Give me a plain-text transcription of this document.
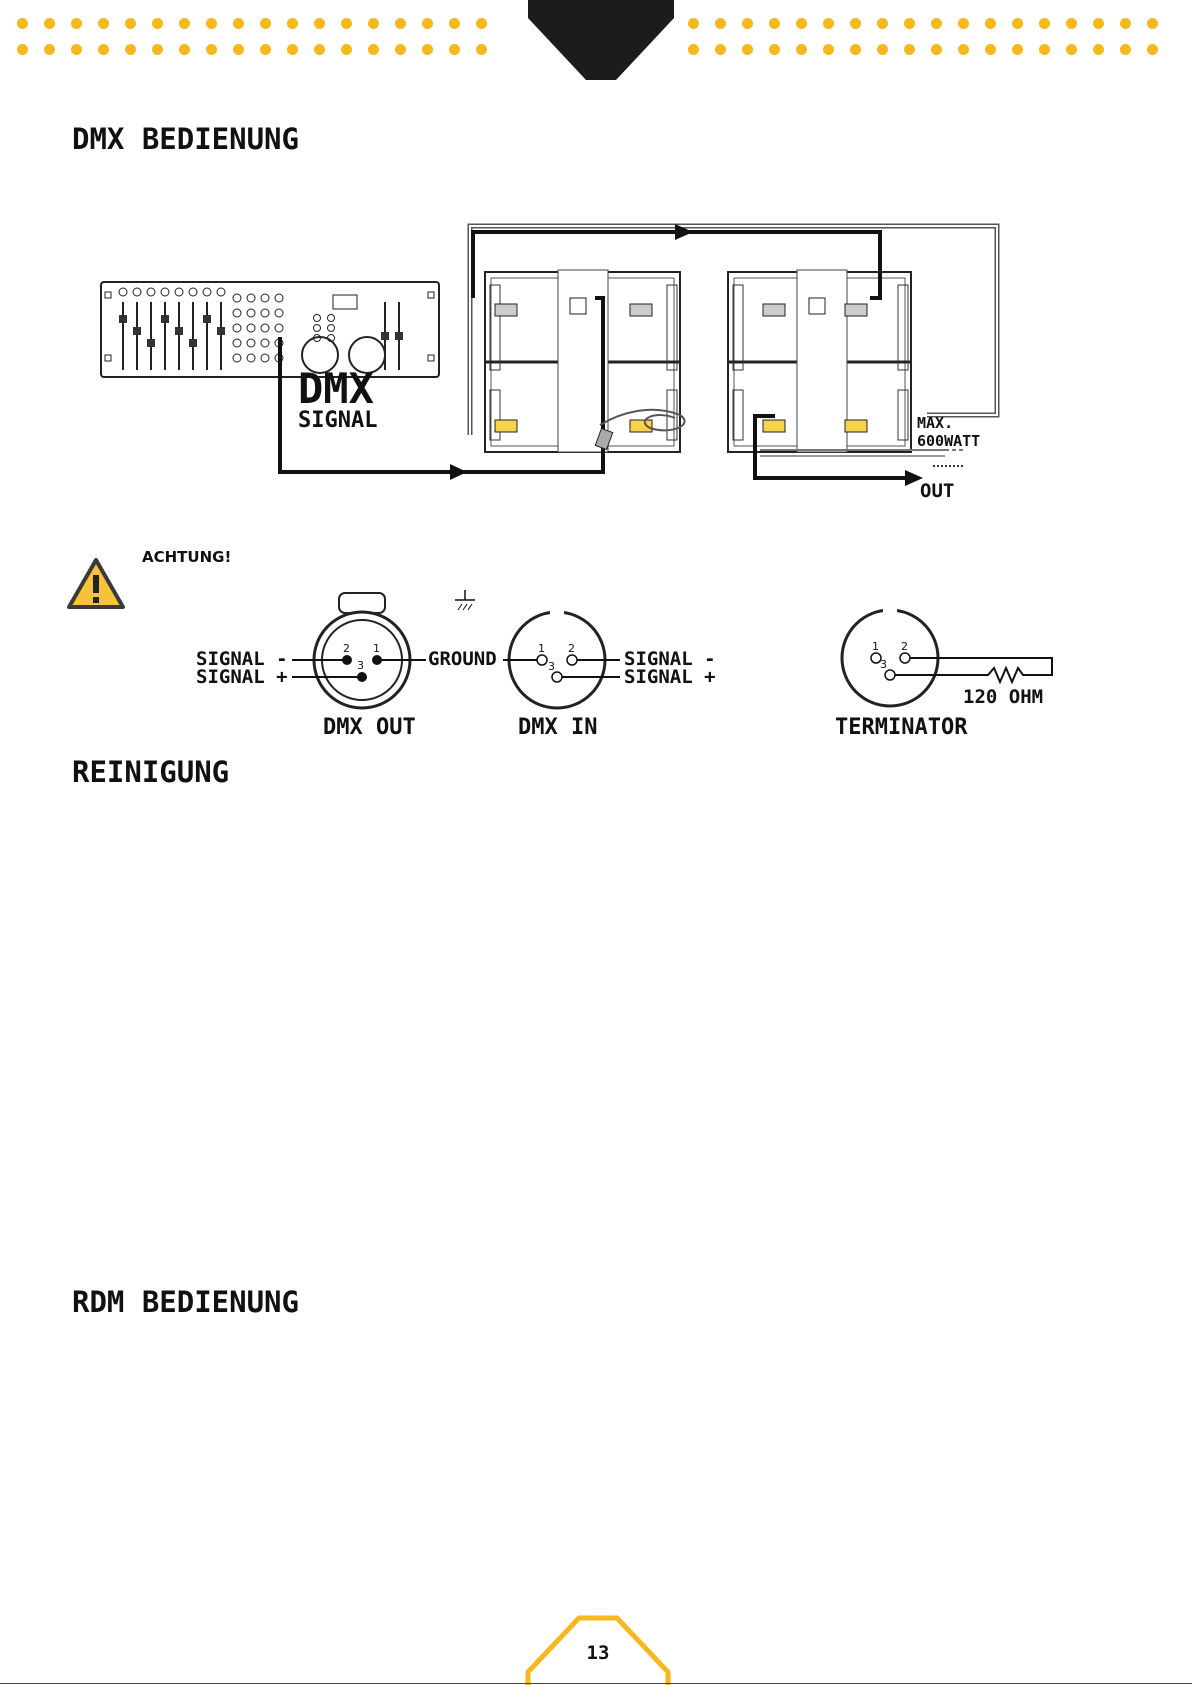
DMX BEDIENUNG
DMX
SIGNAL	MAX.
600WATT
OUT
ACHTUNG!
2 1
3
SIGNAL -
SIGNAL +
DMX OUT
GROUND	1 2
3	SIGNAL -
SIGNAL +
DMX IN
1 2
3
120 OHM
TERMINATOR
REINIGUNG
RDM BEDIENUNG
13
